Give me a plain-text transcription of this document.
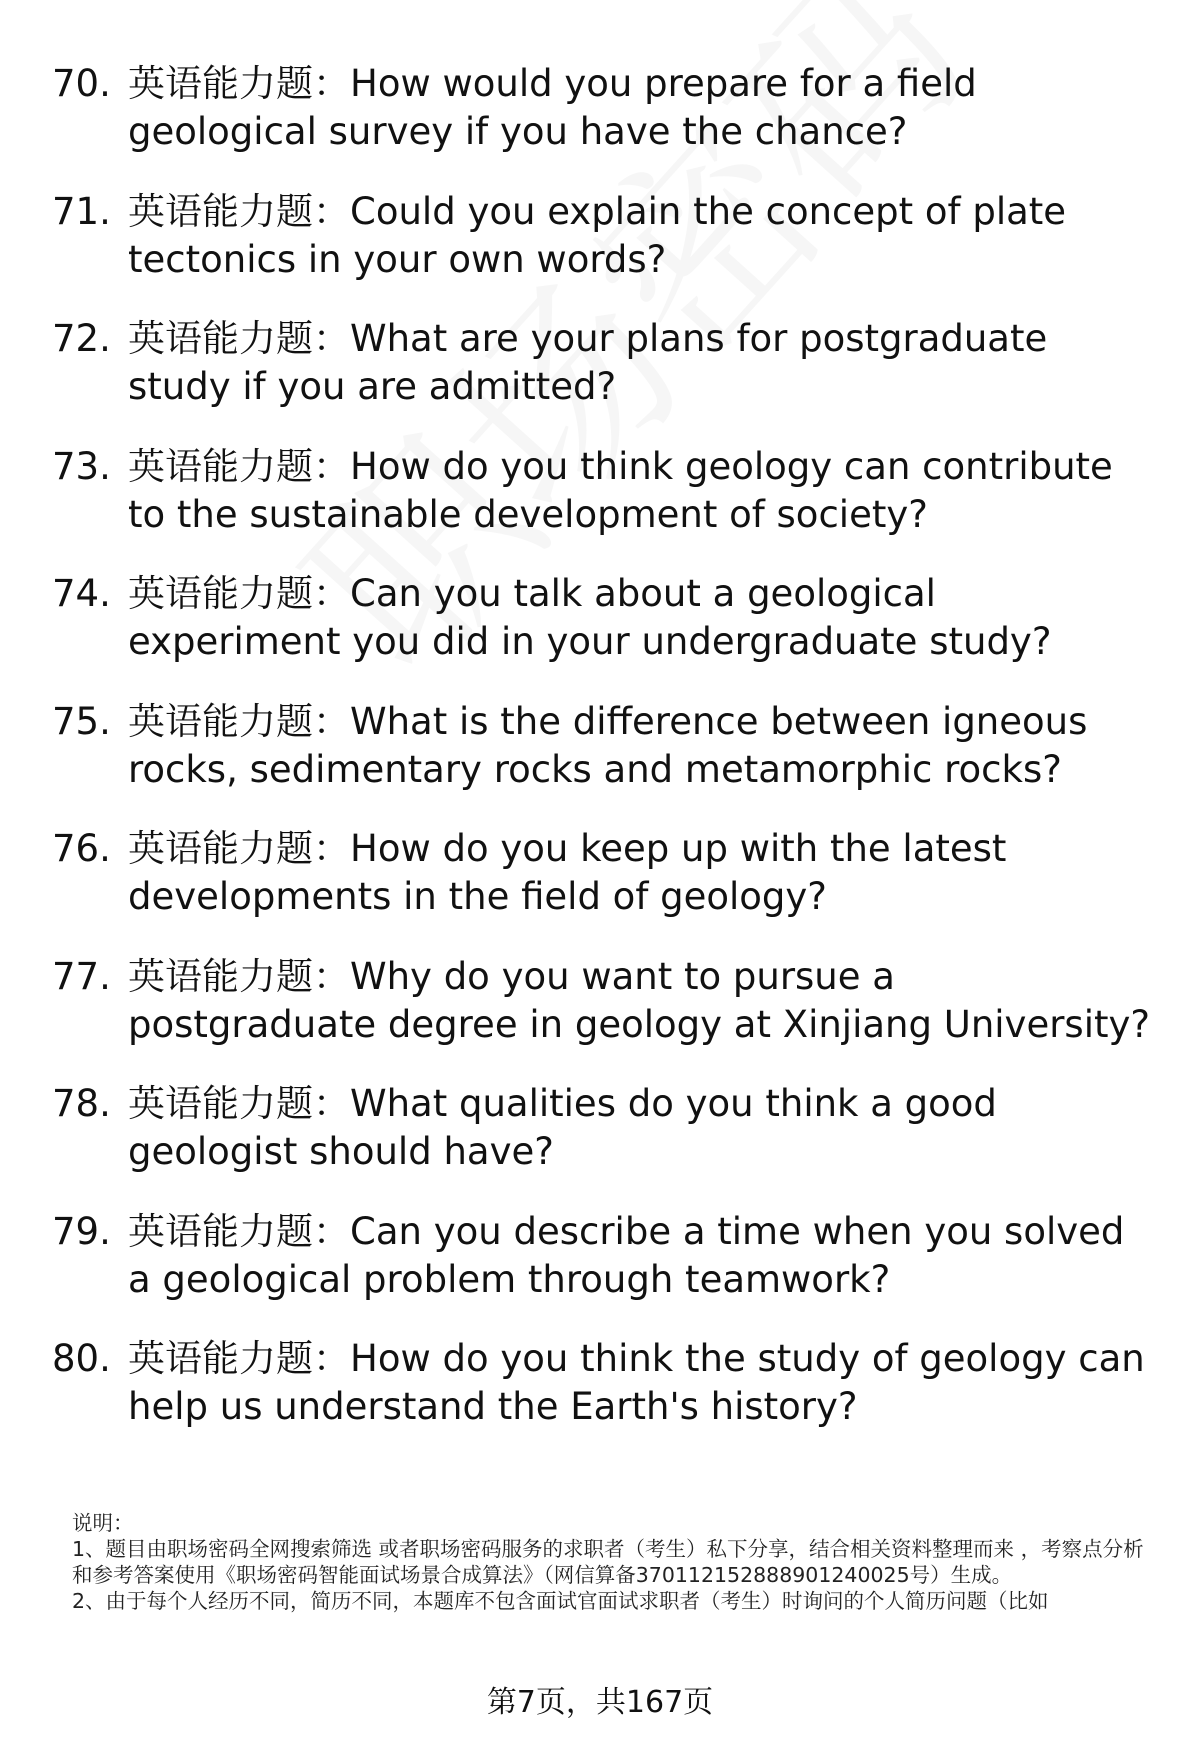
70. 英语能力题：How would you prepare for a field geological survey if you have the chance?
71. 英语能力题：Could you explain the concept of plate tectonics in your own words?
72. 英语能力题：What are your plans for postgraduate study if you are admitted?
73. 英语能力题：How do you think geology can contribute to the sustainable development of society?
74. 英语能力题：Can you talk about a geological experiment you did in your undergraduate study?
75. 英语能力题：What is the difference between igneous rocks, sedimentary rocks and metamorphic rocks?
76. 英语能力题：How do you keep up with the latest developments in the field of geology?
77. 英语能力题：Why do you want to pursue a postgraduate degree in geology at Xinjiang University?
78. 英语能力题：What qualities do you think a good geologist should have?
79. 英语能力题：Can you describe a time when you solved a geological problem through teamwork?
80. 英语能力题：How do you think the study of geology can help us understand the Earth's history?

说明：

1、题目由职场密码全网搜索筛选 或者职场密码服务的求职者（考生）私下分享，结合相关资料整理而来 ，考察点分析和参考答案使用《职场密码智能面试场景合成算法》（网信算备370112152888901240025号）生成。

2、由于每个人经历不同，简历不同，本题库不包含面试官面试求职者（考生）时询问的个人简历问题（比如

第7页，共167页
